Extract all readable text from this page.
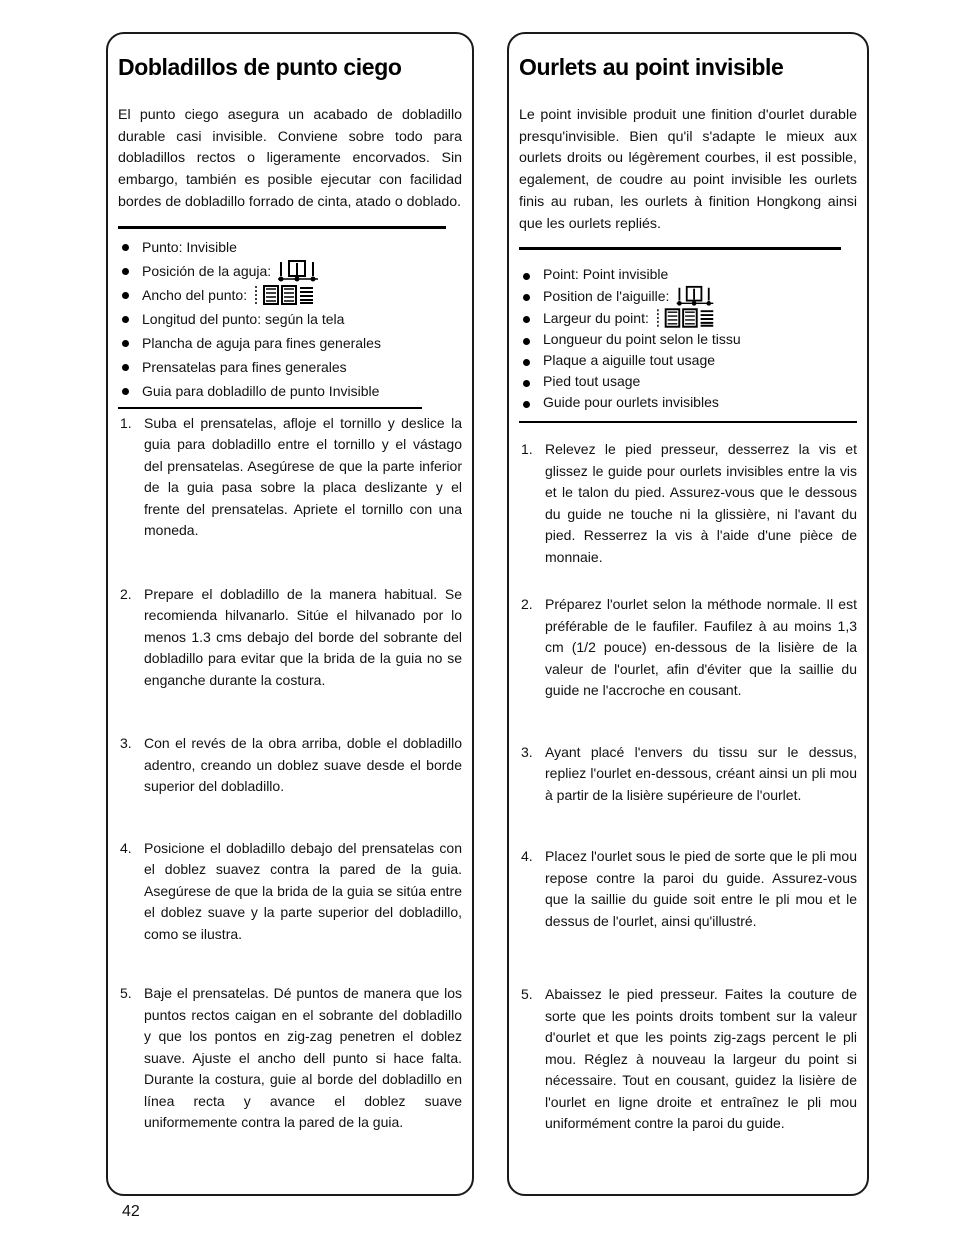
Dobladillos de punto ciego

El punto ciego asegura un acabado de dobladillo durable casi invisible. Conviene sobre todo para dobladillos rectos o ligeramente encorvados. Sin embargo, también es posible ejecutar con facilidad bordes de dobladillo forrado de cinta, atado o doblado.

Punto: Invisible
Posición de la aguja:
Ancho del punto:
Longitud del punto: según la tela
Plancha de aguja para fines generales
Prensatelas para fines generales
Guia para dobladillo de punto Invisible
1. Suba el prensatelas, afloje el tornillo y deslice la guia para dobladillo entre el tornillo y el vástago del prensatelas. Asegúrese de que la parte inferior de la guia pasa sobre la placa deslizante y el frente del prensatelas. Apriete el tornillo con una moneda.
2. Prepare el dobladillo de la manera habitual. Se recomienda hilvanarlo. Sitúe el hilvanado por lo menos 1.3 cms debajo del borde del sobrante del dobladillo para evitar que la brida de la guia no se enganche durante la costura.
3. Con el revés de la obra arriba, doble el dobladillo adentro, creando un doblez suave desde el borde superior del dobladillo.
4. Posicione el dobladillo debajo del prensatelas con el doblez suavez contra la pared de la guia. Asegúrese de que la brida de la guia se sitúa entre el doblez suave y la parte superior del dobladillo, como se ilustra.
5. Baje el prensatelas. Dé puntos de manera que los puntos rectos caigan en el sobrante del dobladillo y que los pontos en zig-zag penetren el doblez suave. Ajuste el ancho dell punto si hace falta. Durante la costura, guie al borde del dobladillo en línea recta y avance el doblez suave uniformemente contra la pared de la guia.
Ourlets au point invisible

Le point invisible produit une finition d'ourlet durable presqu'invisible. Bien qu'il s'adapte le mieux aux ourlets droits ou légèrement courbes, il est possible, egalement, de coudre au point invisible les ourlets finis au ruban, les ourlets à finition Hongkong ainsi que les ourlets repliés.

Point: Point invisible
Position de l'aiguille:
Largeur du point:
Longueur du point selon le tissu
Plaque a aiguille tout usage
Pied tout usage
Guide pour ourlets invisibles
1. Relevez le pied presseur, desserrez la vis et glissez le guide pour ourlets invisibles entre la vis et le talon du pied. Assurez-vous que le dessous du guide ne touche ni la glissière, ni l'avant du pied. Resserrez la vis à l'aide d'une pièce de monnaie.
2. Préparez l'ourlet selon la méthode normale. Il est préférable de le faufiler. Faufilez à au moins 1,3 cm (1/2 pouce) en-dessous de la lisière de la valeur de l'ourlet, afin d'éviter que la saillie du guide ne l'accroche en cousant.
3. Ayant placé l'envers du tissu sur le dessus, repliez l'ourlet en-dessous, créant ainsi un pli mou à partir de la lisière supérieure de l'ourlet.
4. Placez l'ourlet sous le pied de sorte que le pli mou repose contre la paroi du guide. Assurez-vous que la saillie du guide soit entre le pli mou et le dessus de l'ourlet, ainsi qu'illustré.
5. Abaissez le pied presseur. Faites la couture de sorte que les points droits tombent sur la valeur d'ourlet et que les points zig-zags percent le pli mou. Réglez à nouveau la largeur du point si nécessaire. Tout en cousant, guidez la lisière de l'ourlet en ligne droite et entraînez le pli mou uniformément contre la paroi du guide.
42
